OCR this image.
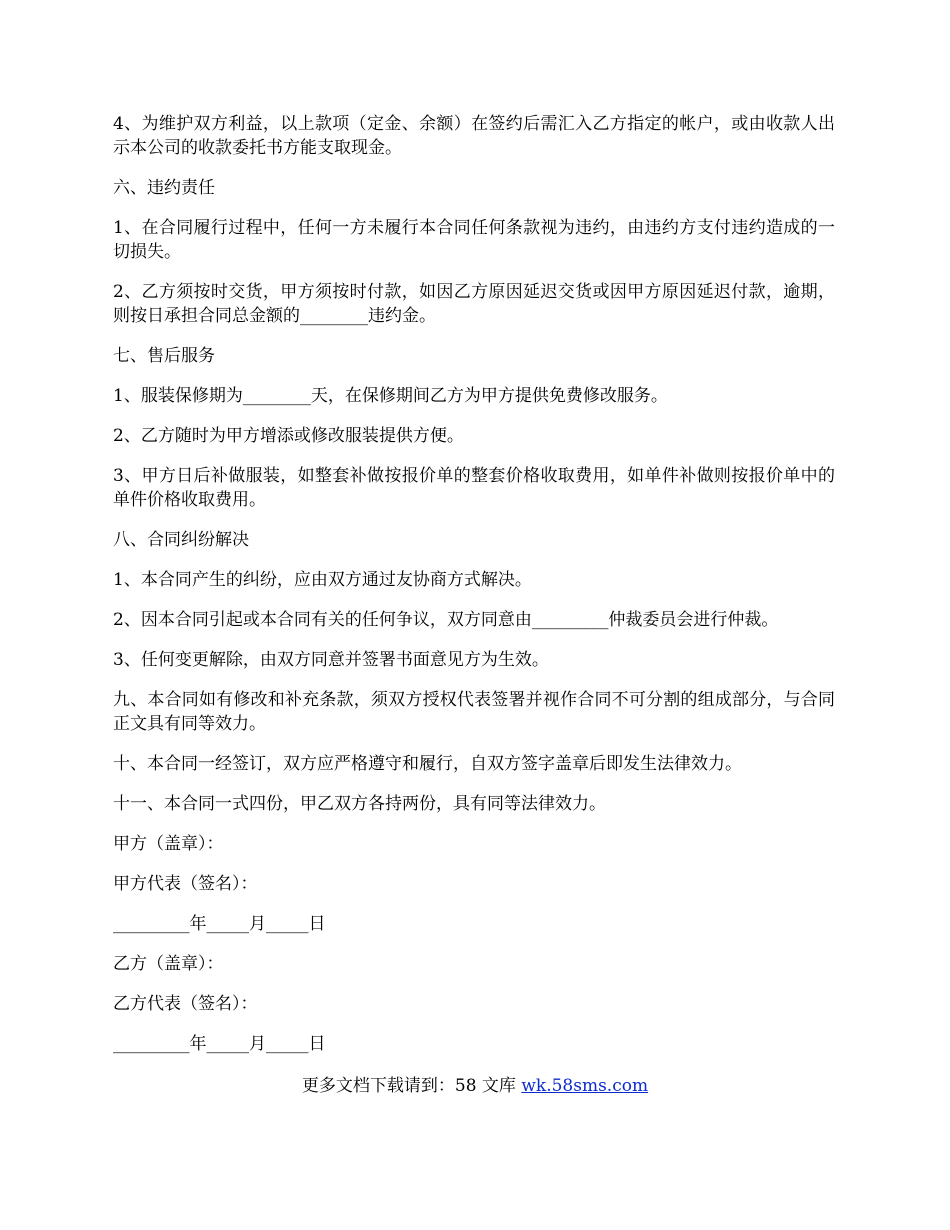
4、为维护双方利益，以上款项（定金、余额）在签约后需汇入乙方指定的帐户，或由收款人出示本公司的收款委托书方能支取现金。

六、违约责任

1、在合同履行过程中，任何一方未履行本合同任何条款视为违约，由违约方支付违约造成的一切损失。

2、乙方须按时交货，甲方须按时付款，如因乙方原因延迟交货或因甲方原因延迟付款，逾期，则按日承担合同总金额的________违约金。

七、售后服务

1、服装保修期为________天，在保修期间乙方为甲方提供免费修改服务。

2、乙方随时为甲方增添或修改服装提供方便。

3、甲方日后补做服装，如整套补做按报价单的整套价格收取费用，如单件补做则按报价单中的单件价格收取费用。

八、合同纠纷解决

1、本合同产生的纠纷，应由双方通过友协商方式解决。

2、因本合同引起或本合同有关的任何争议，双方同意由_________仲裁委员会进行仲裁。

3、任何变更解除，由双方同意并签署书面意见方为生效。

九、本合同如有修改和补充条款，须双方授权代表签署并视作合同不可分割的组成部分，与合同正文具有同等效力。

十、本合同一经签订，双方应严格遵守和履行，自双方签字盖章后即发生法律效力。

十一、本合同一式四份，甲乙双方各持两份，具有同等法律效力。

甲方（盖章）：

甲方代表（签名）：

_________年_____月_____日

乙方（盖章）：

乙方代表（签名）：

_________年_____月_____日

更多文档下载请到：58 文库 wk.58sms.com
